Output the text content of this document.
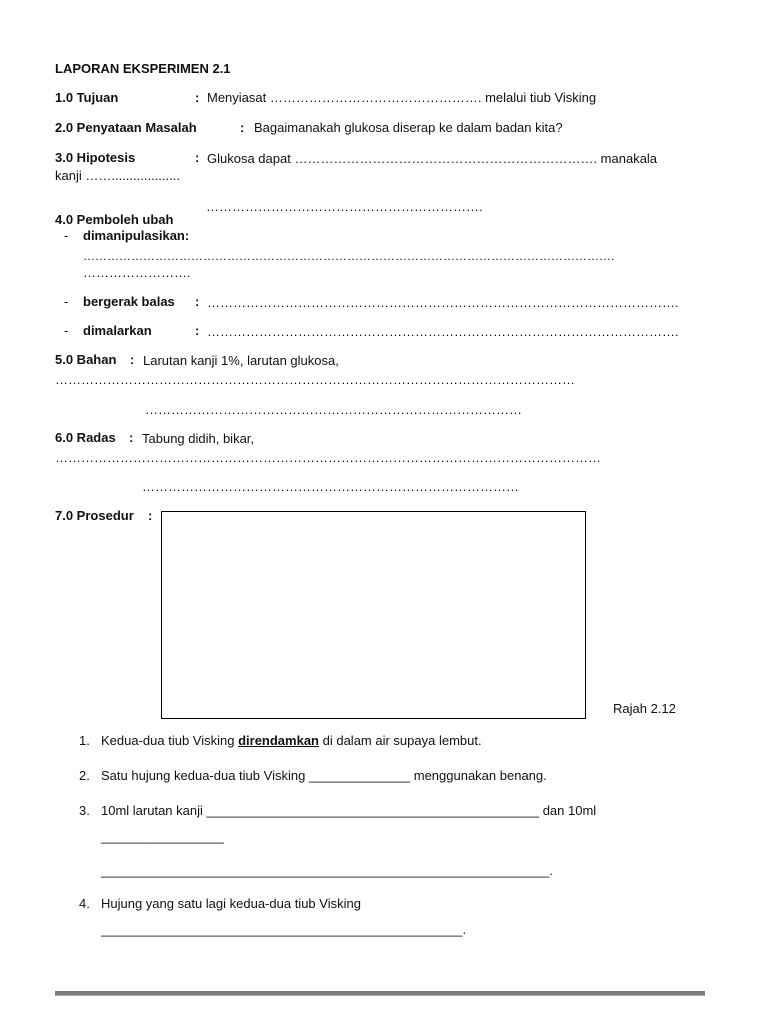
LAPORAN EKSPERIMEN 2.1
1.0 Tujuan	: Menyiasat …………………………………………. melalui tiub Visking
2.0 Penyataan Masalah	: Bagaimanakah glukosa diserap ke dalam badan kita?
3.0 Hipotesis	: Glukosa dapat ……………………………………………………………. manakala
kanji ……...................
……………………………………………………….
4.0 Pemboleh ubah
- dimanipulasikan:
…………………………………………………………………………………………………………………….
…………………….
- bergerak balas : ……………………………………………………………………………………………….
- dimalarkan	: ……………………………………………………………………………………………….
5.0 Bahan : Larutan kanji 1%, larutan glukosa,
…………………………………………………………………………………………………………
……………………………………………………………………………
6.0 Radas : Tabung didih, bikar,
………………………………………………………………………………………………………………
……………………………………………………………………………
7.0 Prosedur :
Rajah 2.12
1. Kedua-dua tiub Visking direndamkan di dalam air supaya lembut.
2. Satu hujung kedua-dua tiub Visking ______________ menggunakan benang.
3. 10ml larutan kanji ______________________________________________ dan 10ml
_________________
______________________________________________________________.
4. Hujung yang satu lagi kedua-dua tiub Visking
__________________________________________________.
